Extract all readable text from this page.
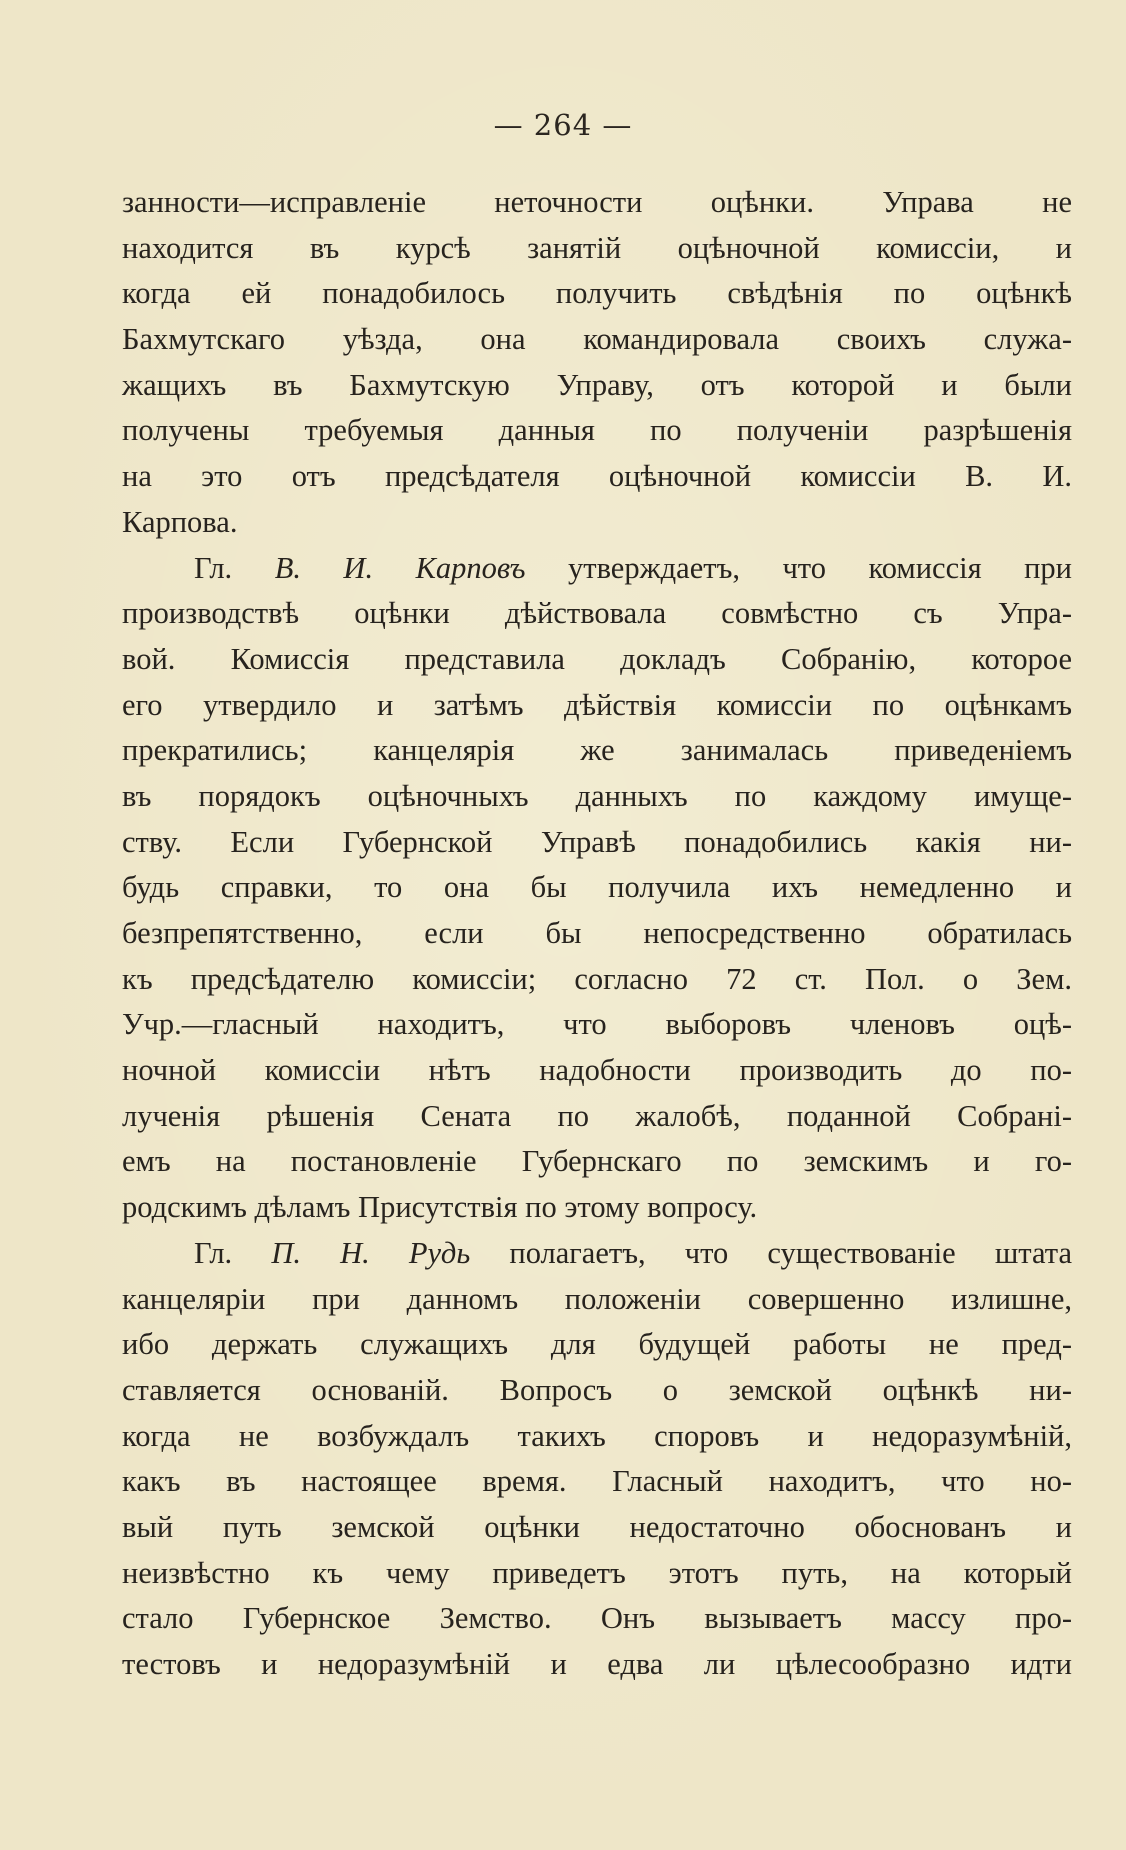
— 264 —
занности—исправленіе неточности оцѣнки. Управа не
находится въ курсѣ занятій оцѣночной комиссіи, и
когда ей понадобилось получить свѣдѣнія по оцѣнкѣ
Бахмутскаго уѣзда, она командировала своихъ служа-
жащихъ въ Бахмутскую Управу, отъ которой и были
получены требуемыя данныя по полученіи разрѣшенія
на это отъ предсѣдателя оцѣночной комиссіи В. И.
Карпова.
Гл. В. И. Карповъ утверждаетъ, что комиссія при
производствѣ оцѣнки дѣйствовала совмѣстно съ Упра-
вой. Комиссія представила докладъ Собранію, которое
его утвердило и затѣмъ дѣйствія комиссіи по оцѣнкамъ
прекратились; канцелярія же занималась приведеніемъ
въ порядокъ оцѣночныхъ данныхъ по каждому имуще-
ству. Если Губернской Управѣ понадобились какія ни-
будь справки, то она бы получила ихъ немедленно и
безпрепятственно, если бы непосредственно обратилась
къ предсѣдателю комиссіи; согласно 72 ст. Пол. о Зем.
Учр.—гласный находитъ, что выборовъ членовъ оцѣ-
ночной комиссіи нѣтъ надобности производить до по-
лученія рѣшенія Сената по жалобѣ, поданной Собрані-
емъ на постановленіе Губернскаго по земскимъ и го-
родскимъ дѣламъ Присутствія по этому вопросу.
Гл. П. Н. Рудь полагаетъ, что существованіе штата
канцеляріи при данномъ положеніи совершенно излишне,
ибо держать служащихъ для будущей работы не пред-
ставляется основаній. Вопросъ о земской оцѣнкѣ ни-
когда не возбуждалъ такихъ споровъ и недоразумѣній,
какъ въ настоящее время. Гласный находитъ, что но-
вый путь земской оцѣнки недостаточно обоснованъ и
неизвѣстно къ чему приведетъ этотъ путь, на который
стало Губернское Земство. Онъ вызываетъ массу про-
тестовъ и недоразумѣній и едва ли цѣлесообразно идти
